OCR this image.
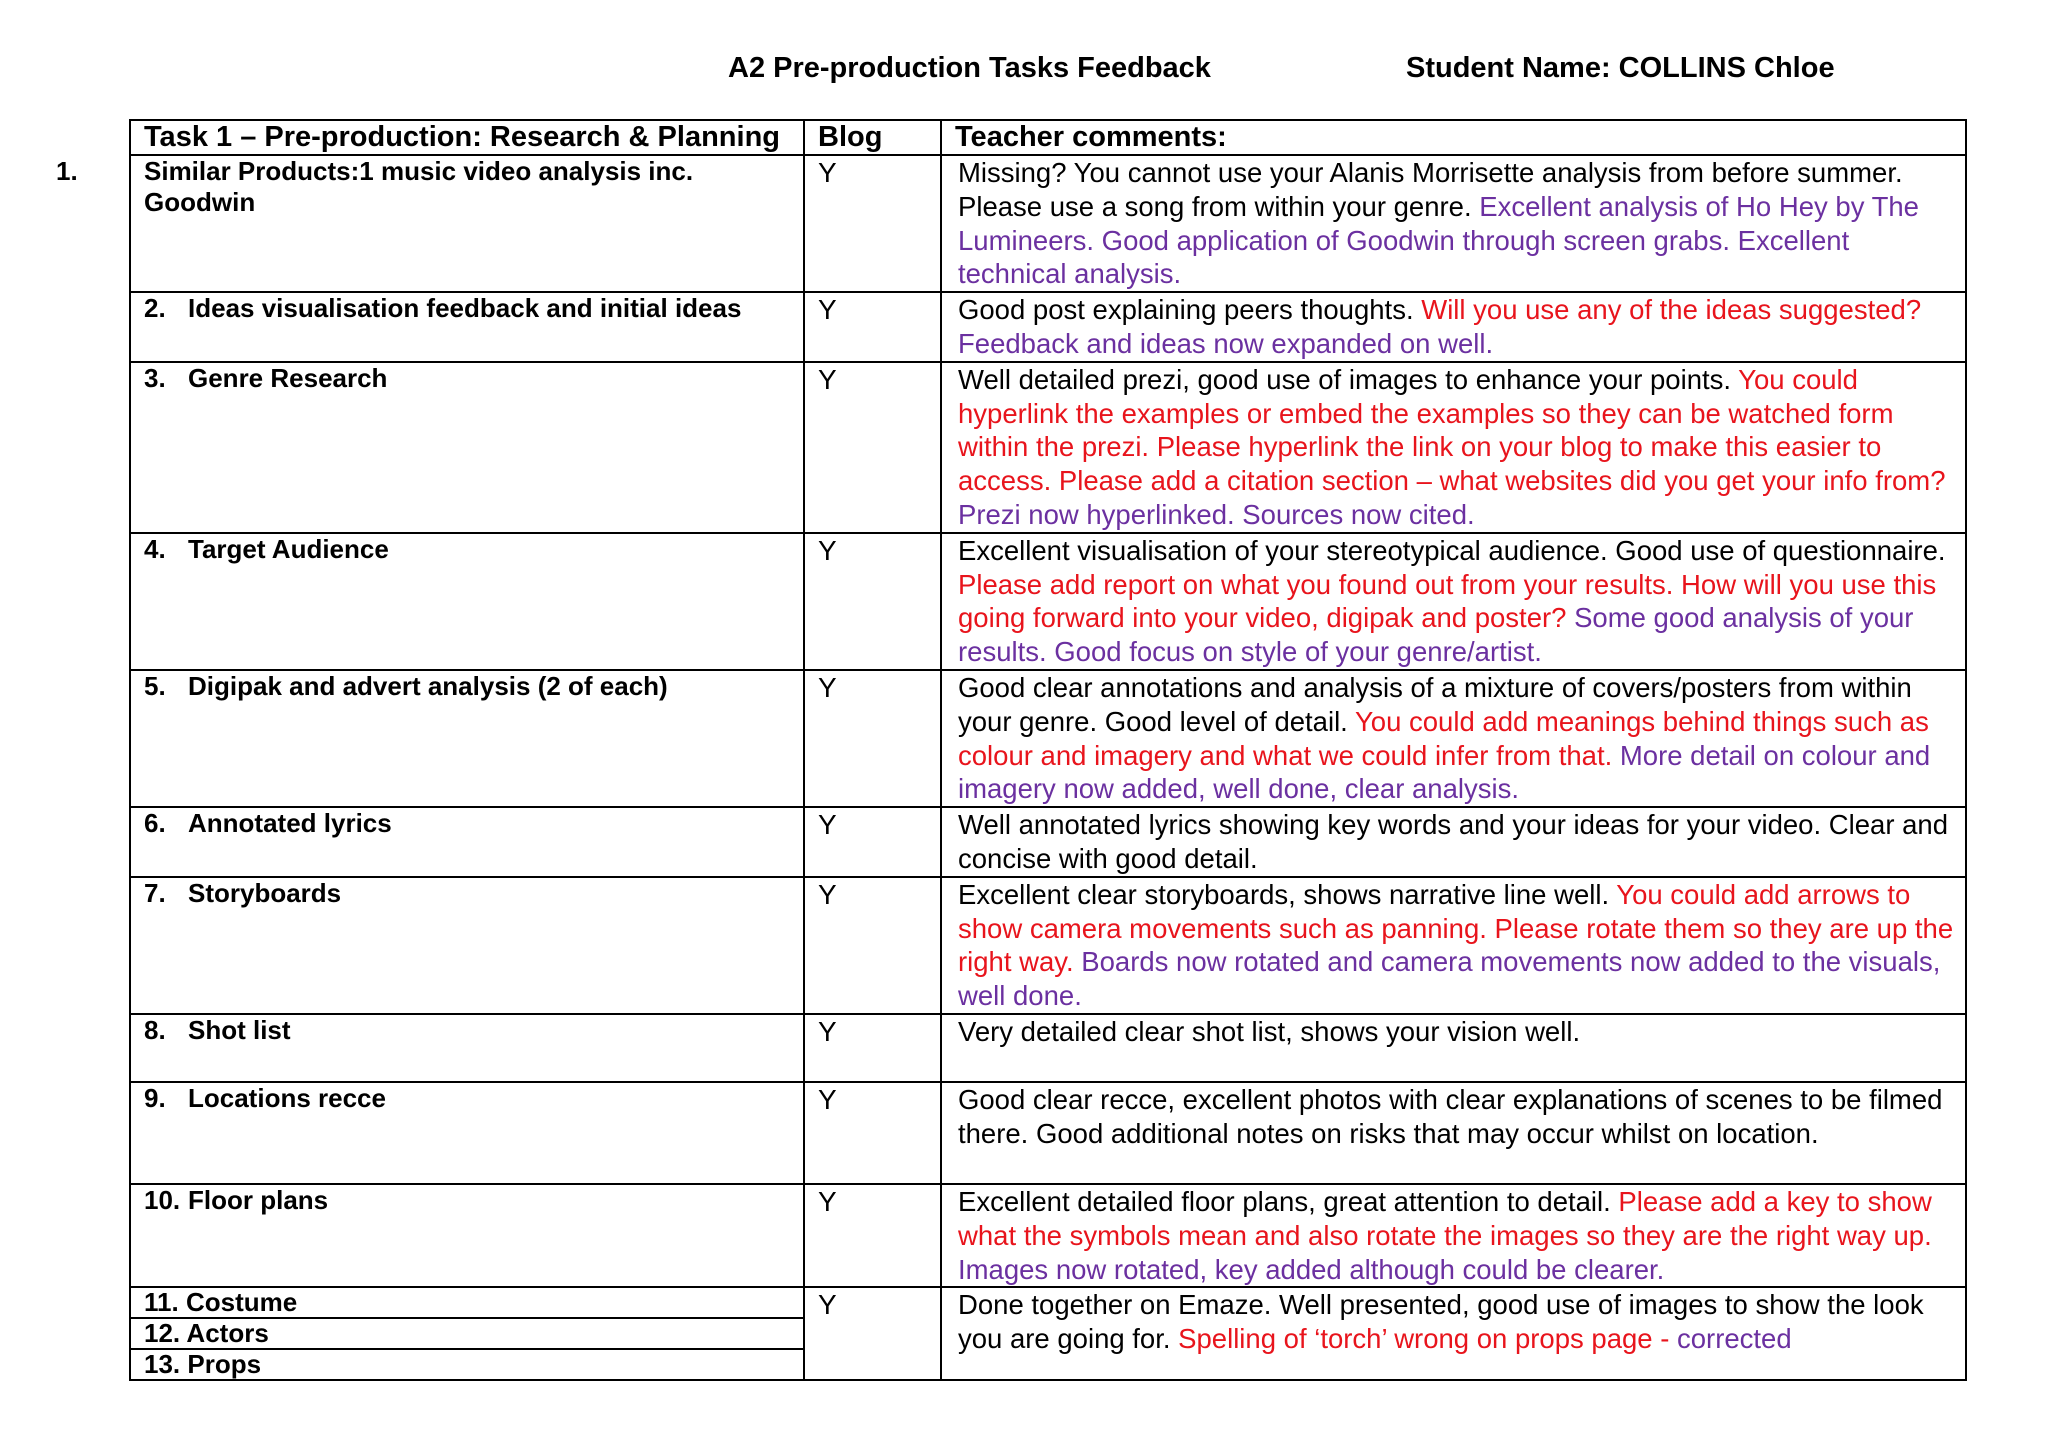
A2 Pre-production Tasks Feedback	Student Name: COLLINS Chloe
Task 1 – Pre-production: Research & Planning	Blog	Teacher comments:
1. Similar Products:1 music video analysis inc. Goodwin	Y	Missing? You cannot use your Alanis Morrisette analysis from before summer. Please use a song from within your genre. Excellent analysis of Ho Hey by The Lumineers. Good application of Goodwin through screen grabs. Excellent technical analysis.
2. Ideas visualisation feedback and initial ideas	Y	Good post explaining peers thoughts. Will you use any of the ideas suggested? Feedback and ideas now expanded on well.
3. Genre Research	Y	Well detailed prezi, good use of images to enhance your points. You could hyperlink the examples or embed the examples so they can be watched form within the prezi. Please hyperlink the link on your blog to make this easier to access. Please add a citation section – what websites did you get your info from? Prezi now hyperlinked. Sources now cited.
4. Target Audience	Y	Excellent visualisation of your stereotypical audience. Good use of questionnaire. Please add report on what you found out from your results. How will you use this going forward into your video, digipak and poster? Some good analysis of your results. Good focus on style of your genre/artist.
5. Digipak and advert analysis (2 of each)	Y	Good clear annotations and analysis of a mixture of covers/posters from within your genre. Good level of detail. You could add meanings behind things such as colour and imagery and what we could infer from that. More detail on colour and imagery now added, well done, clear analysis.
6. Annotated lyrics	Y	Well annotated lyrics showing key words and your ideas for your video. Clear and concise with good detail.
7. Storyboards	Y	Excellent clear storyboards, shows narrative line well. You could add arrows to show camera movements such as panning. Please rotate them so they are up the right way. Boards now rotated and camera movements now added to the visuals, well done.
8. Shot list	Y	Very detailed clear shot list, shows your vision well.
9. Locations recce	Y	Good clear recce, excellent photos with clear explanations of scenes to be filmed there. Good additional notes on risks that may occur whilst on location.
10. Floor plans	Y	Excellent detailed floor plans, great attention to detail. Please add a key to show what the symbols mean and also rotate the images so they are the right way up. Images now rotated, key added although could be clearer.
11. Costume	Y	Done together on Emaze. Well presented, good use of images to show the look you are going for. Spelling of ‘torch’ wrong on props page - corrected
12. Actors		
13. Props		
